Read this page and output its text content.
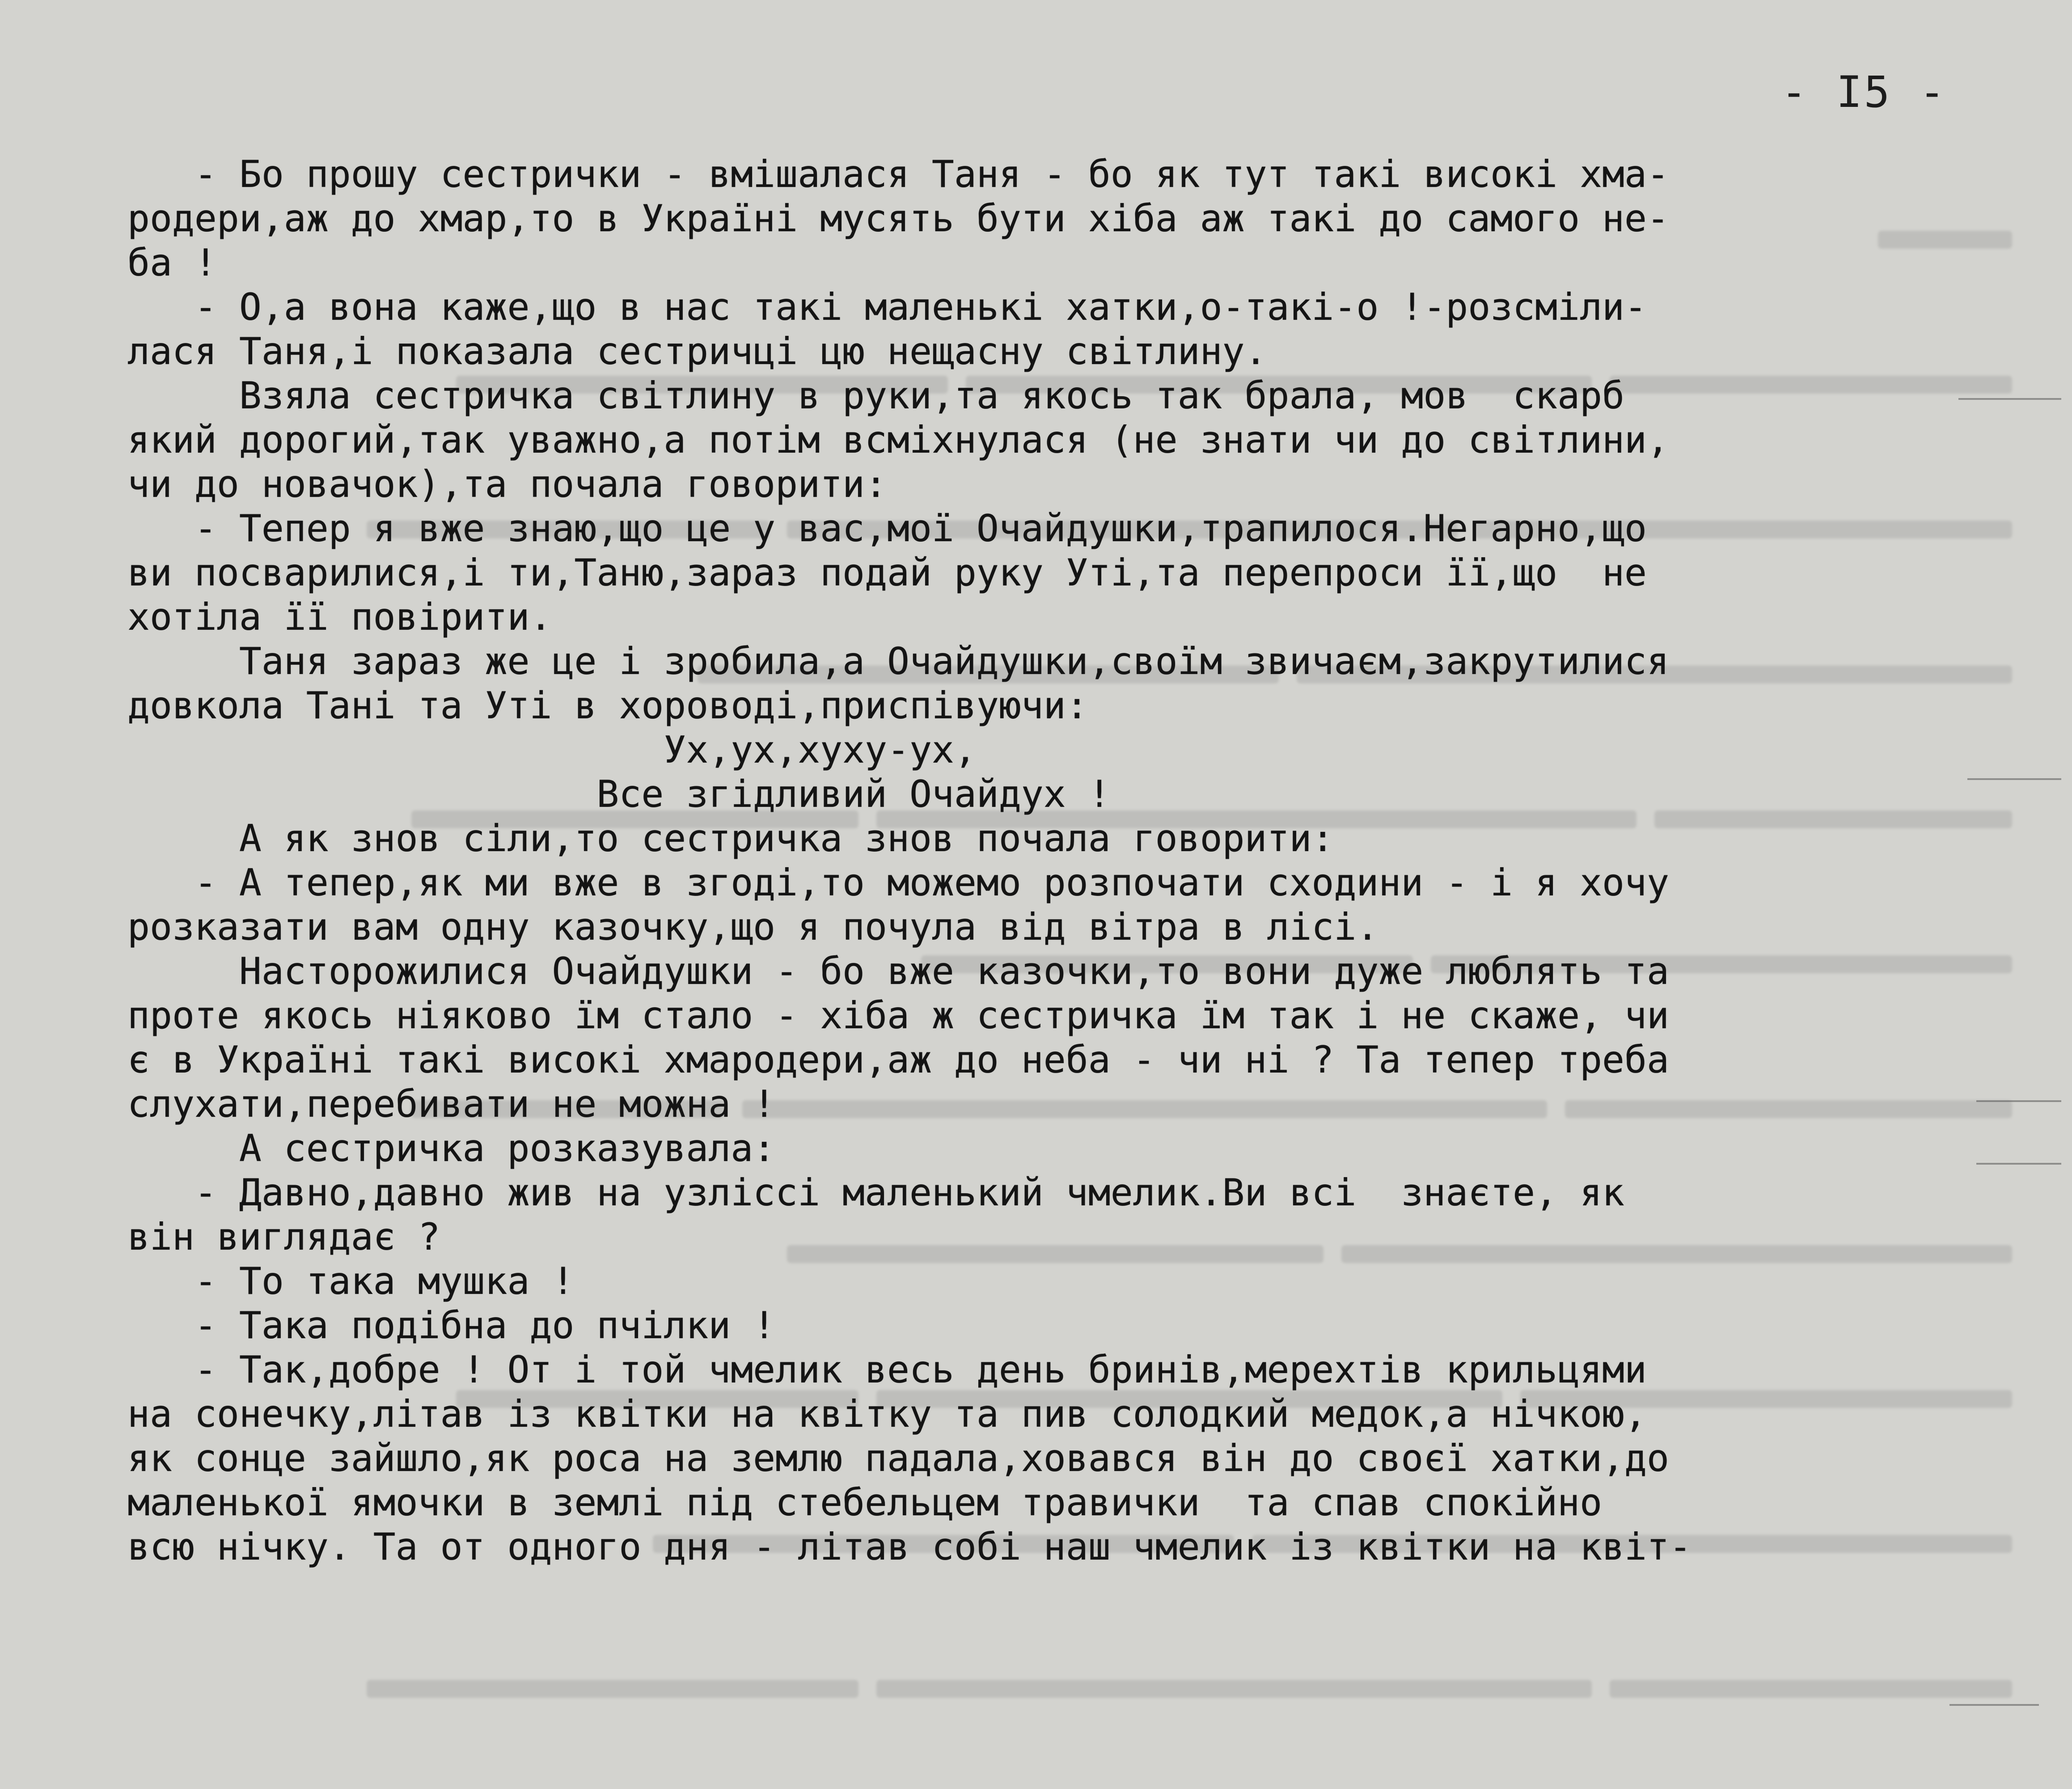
- I5 -
- Бо прошу сестрички - вмішалася Таня - бо як тут такі високі хма-
родери,аж до хмар,то в Україні мусять бути хіба аж такі до самого не-
ба !
- О,а вона каже,що в нас такі маленькі хатки,о-такі-о !-розсміли-
лася Таня,і показала сестричці цю нещасну світлину.
Взяла сестричка світлину в руки,та якось так брала, мов  скарб
який дорогий,так уважно,а потім всміхнулася (не знати чи до світлини,
чи до новачок),та почала говорити:
- Тепер я вже знаю,що це у вас,мої Очайдушки,трапилося.Негарно,що
ви посварилися,і ти,Таню,зараз подай руку Уті,та перепроси її,що  не
хотіла її повірити.
Таня зараз же це і зробила,а Очайдушки,своїм звичаєм,закрутилися
довкола Тані та Уті в хороводі,приспівуючи:
Ух,ух,хуху-ух,
Все згідливий Очайдух !
А як знов сіли,то сестричка знов почала говорити:
- А тепер,як ми вже в згоді,то можемо розпочати сходини - і я хочу
розказати вам одну казочку,що я почула від вітра в лісі.
Насторожилися Очайдушки - бо вже казочки,то вони дуже люблять та
проте якось ніяково їм стало - хіба ж сестричка їм так і не скаже, чи
є в Україні такі високі хмародери,аж до неба - чи ні ? Та тепер треба
слухати,перебивати не можна !
А сестричка розказувала:
- Давно,давно жив на узліссі маленький чмелик.Ви всі  знаєте, як
він виглядає ?
- То така мушка !
- Така подібна до пчілки !
- Так,добре ! От і той чмелик весь день бринів,мерехтів крильцями
на сонечку,літав із квітки на квітку та пив солодкий медок,а нічкою,
як сонце зайшло,як роса на землю падала,ховався він до своєї хатки,до
маленької ямочки в землі під стебельцем травички  та спав спокійно
всю нічку. Та от одного дня - літав собі наш чмелик із квітки на квіт-
